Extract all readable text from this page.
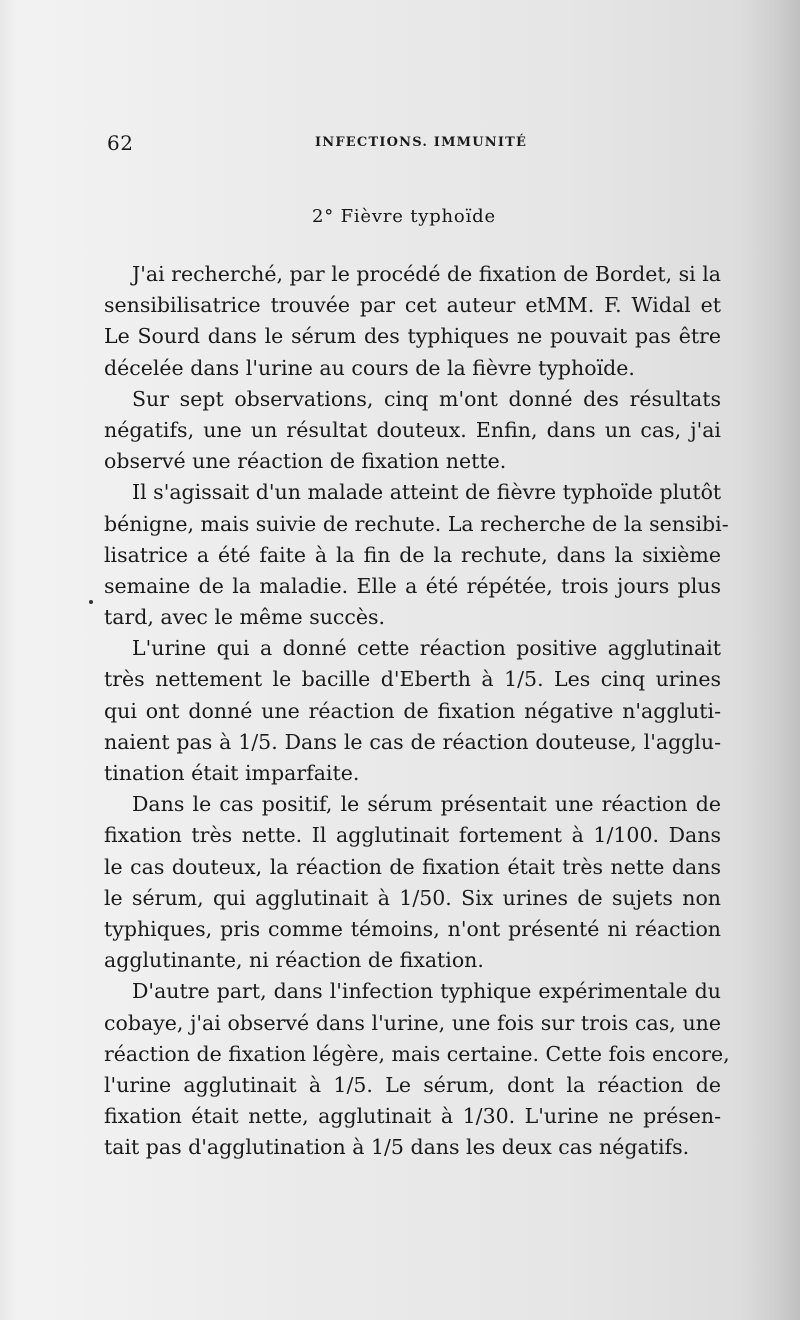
62	INFECTIONS. IMMUNITÉ
2° Fièvre typhoïde
J'ai recherché, par le procédé de fixation de Bordet, si la
sensibilisatrice trouvée par cet auteur etMM. F. Widal et
Le Sourd dans le sérum des typhiques ne pouvait pas être
décelée dans l'urine au cours de la fièvre typhoïde.
Sur sept observations, cinq m'ont donné des résultats
négatifs, une un résultat douteux. Enfin, dans un cas, j'ai
observé une réaction de fixation nette.
Il s'agissait d'un malade atteint de fièvre typhoïde plutôt
bénigne, mais suivie de rechute. La recherche de la sensibi-
lisatrice a été faite à la fin de la rechute, dans la sixième
semaine de la maladie. Elle a été répétée, trois jours plus
tard, avec le même succès.
L'urine qui a donné cette réaction positive agglutinait
très nettement le bacille d'Eberth à 1/5. Les cinq urines
qui ont donné une réaction de fixation négative n'aggluti-
naient pas à 1/5. Dans le cas de réaction douteuse, l'agglu-
tination était imparfaite.
Dans le cas positif, le sérum présentait une réaction de
fixation très nette. Il agglutinait fortement à 1/100. Dans
le cas douteux, la réaction de fixation était très nette dans
le sérum, qui agglutinait à 1/50. Six urines de sujets non
typhiques, pris comme témoins, n'ont présenté ni réaction
agglutinante, ni réaction de fixation.
D'autre part, dans l'infection typhique expérimentale du
cobaye, j'ai observé dans l'urine, une fois sur trois cas, une
réaction de fixation légère, mais certaine. Cette fois encore,
l'urine agglutinait à 1/5. Le sérum, dont la réaction de
fixation était nette, agglutinait à 1/30. L'urine ne présen-
tait pas d'agglutination à 1/5 dans les deux cas négatifs.
